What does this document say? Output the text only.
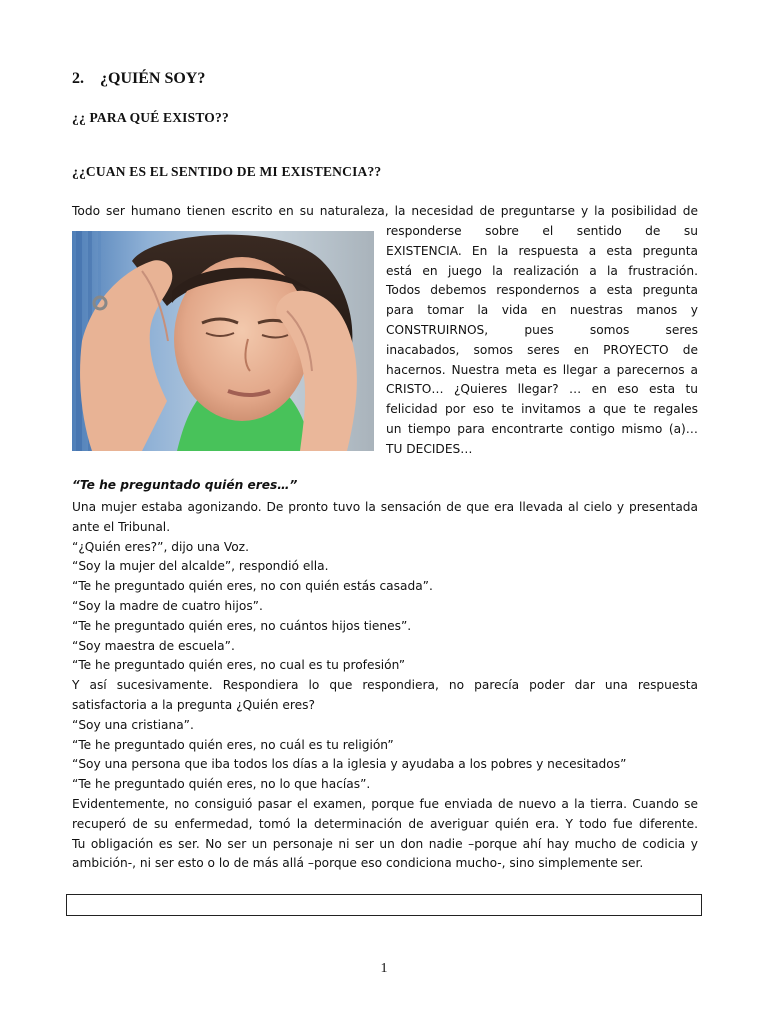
2. ¿QUIÉN SOY?
¿¿ PARA QUÉ EXISTO??
¿¿CUAN ES EL SENTIDO DE MI EXISTENCIA??
Todo ser humano tienen escrito en su naturaleza, la necesidad de preguntarse y la posibilidad de
responderse sobre el sentido de su
EXISTENCIA. En la respuesta a esta pregunta
está en juego la realización a la frustración.
Todos debemos respondernos a esta pregunta
para tomar la vida en nuestras manos y
CONSTRUIRNOS, pues somos seres
inacabados, somos seres en PROYECTO de
hacernos. Nuestra meta es llegar a parecernos a
CRISTO… ¿Quieres llegar? … en eso esta tu
felicidad por eso te invitamos a que te regales
un tiempo para encontrarte contigo mismo (a)…
TU DECIDES…
“Te he preguntado quién eres…”
Una mujer estaba agonizando. De pronto tuvo la sensación de que era llevada al cielo y presentada
ante el Tribunal.
“¿Quién eres?”, dijo una Voz.
“Soy la mujer del alcalde”, respondió ella.
“Te he preguntado quién eres, no con quién estás casada”.
“Soy la madre de cuatro hijos”.
“Te he preguntado quién eres, no cuántos hijos tienes”.
“Soy maestra de escuela”.
“Te he preguntado quién eres, no cual es tu profesión”
Y así sucesivamente. Respondiera lo que respondiera, no parecía poder dar una respuesta
satisfactoria a la pregunta ¿Quién eres?
“Soy una cristiana”.
“Te he preguntado quién eres, no cuál es tu religión”
“Soy una persona que iba todos los días a la iglesia y ayudaba a los pobres y necesitados”
“Te he preguntado quién eres, no lo que hacías”.
Evidentemente, no consiguió pasar el examen, porque fue enviada de nuevo a la tierra. Cuando se
recuperó de su enfermedad, tomó la determinación de averiguar quién era. Y todo fue diferente.
Tu obligación es ser. No ser un personaje ni ser un don nadie –porque ahí hay mucho de codicia y
ambición-, ni ser esto o lo de más allá –porque eso condiciona mucho-, sino simplemente ser.
1
